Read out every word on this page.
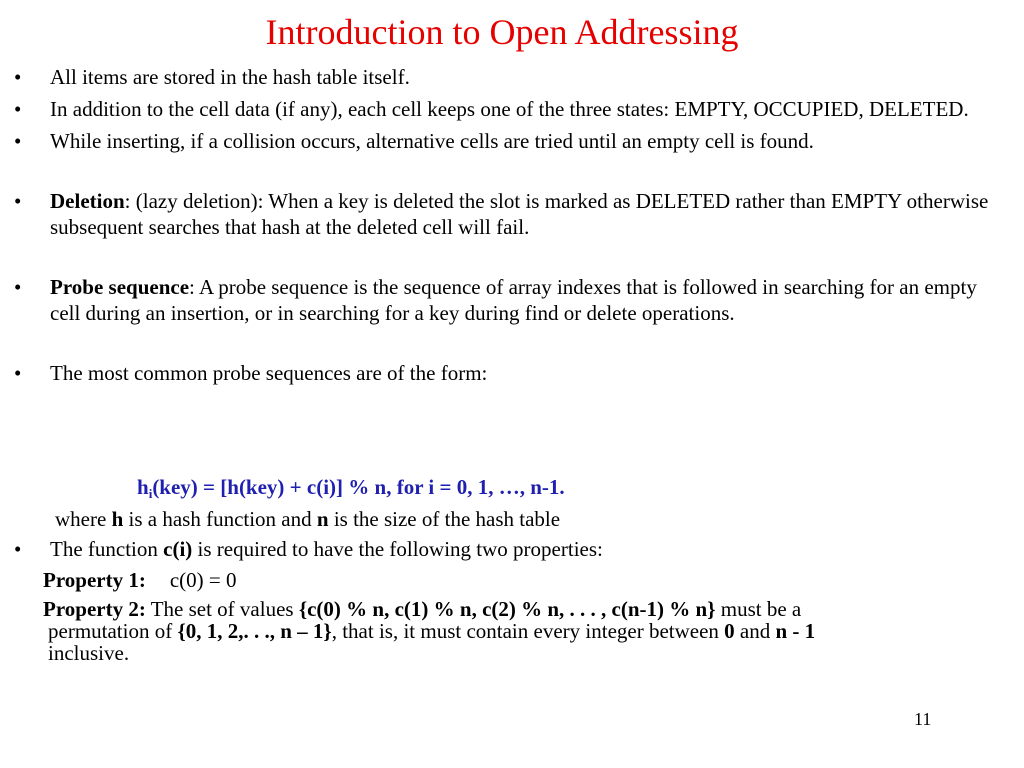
Introduction to Open Addressing
• All items are stored in the hash table itself.
• In addition to the cell data (if any), each cell keeps one of the three states: EMPTY, OCCUPIED, DELETED.
• While inserting, if a collision occurs, alternative cells are tried until an empty cell is found.
• Deletion: (lazy deletion): When a key is deleted the slot is marked as DELETED rather than EMPTY otherwise subsequent searches that hash at the deleted cell will fail.
• Probe sequence: A probe sequence is the sequence of array indexes that is followed in searching for an empty cell during an insertion, or in searching for a key during find or delete operations.
• The most common probe sequences are of the form:
$h_i(key) = [h(key) + c(i)]$ % n, for i = 0, 1, …, n-1.
where h is a hash function and n is the size of the hash table
• The function c(i) is required to have the following two properties:
Property 1: c(0) = 0
Property 2: The set of values {c(0) % n, c(1) % n, c(2) % n, . . . , c(n-1) % n} must be a
permutation of {0, 1, 2,. . ., n – 1}, that is, it must contain every integer between 0 and n - 1
inclusive.
11
